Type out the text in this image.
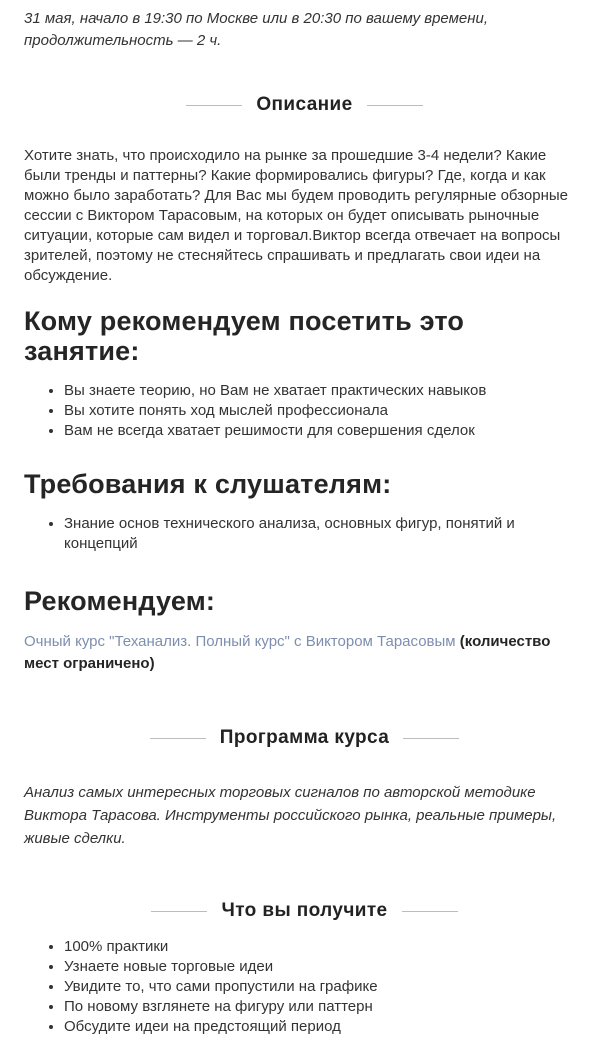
31 мая, начало в 19:30 по Москве или в 20:30 по вашему времени, продолжительность — 2 ч.

Описание

Хотите знать, что происходило на рынке за прошедшие 3-4 недели? Какие были тренды и паттерны? Какие формировались фигуры? Где, когда и как можно было заработать? Для Вас мы будем проводить регулярные обзорные сессии с Виктором Тарасовым, на которых он будет описывать рыночные ситуации, которые сам видел и торговал.Виктор всегда отвечает на вопросы зрителей, поэтому не стесняйтесь спрашивать и предлагать свои идеи на обсуждение.

Кому рекомендуем посетить это занятие:
• Вы знаете теорию, но Вам не хватает практических навыков
• Вы хотите понять ход мыслей профессионала
• Вам не всегда хватает решимости для совершения сделок
Требования к слушателям:
• Знание основ технического анализа, основных фигур, понятий и концепций
Рекомендуем:

Очный курс "Теханализ. Полный курс" с Виктором Тарасовым (количество мест ограничено)

Программа курса

Анализ самых интересных торговых сигналов по авторской методике Виктора Тарасова. Инструменты российского рынка, реальные примеры, живые сделки.

Что вы получите
• 100% практики
• Узнаете новые торговые идеи
• Увидите то, что сами пропустили на графике
• По новому взглянете на фигуру или паттерн
• Обсудите идеи на предстоящий период
